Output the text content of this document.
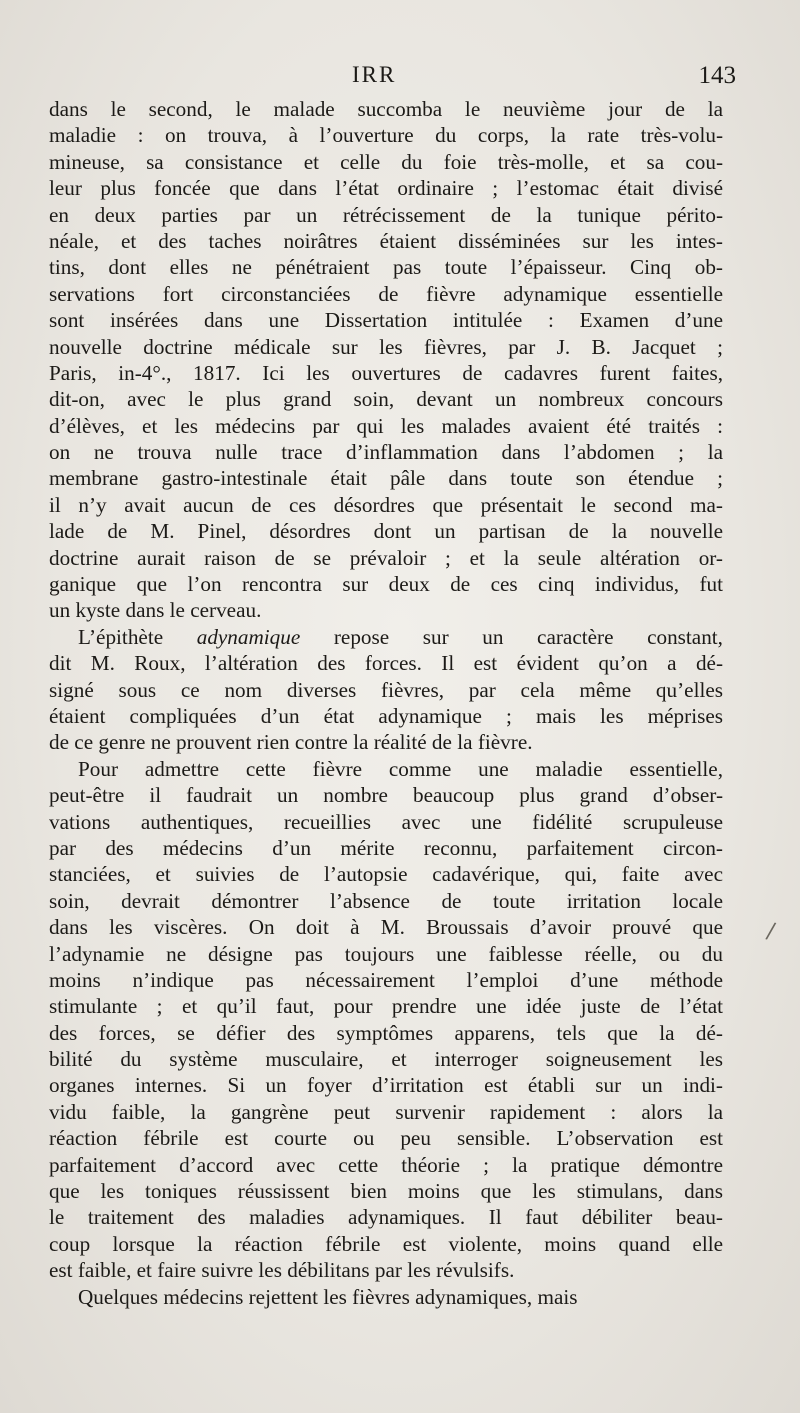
IRR	143

dans le second, le malade succomba le neuvième jour de la
maladie : on trouva, à l’ouverture du corps, la rate très-volu-
mineuse, sa consistance et celle du foie très-molle, et sa cou-
leur plus foncée que dans l’état ordinaire ; l’estomac était divisé
en deux parties par un rétrécissement de la tunique périto-
néale, et des taches noirâtres étaient disséminées sur les intes-
tins, dont elles ne pénétraient pas toute l’épaisseur. Cinq ob-
servations fort circonstanciées de fièvre adynamique essentielle
sont insérées dans une Dissertation intitulée : Examen d’une
nouvelle doctrine médicale sur les fièvres, par J. B. Jacquet ;
Paris, in-4°., 1817. Ici les ouvertures de cadavres furent faites,
dit-on, avec le plus grand soin, devant un nombreux concours
d’élèves, et les médecins par qui les malades avaient été traités :
on ne trouva nulle trace d’inflammation dans l’abdomen ; la
membrane gastro-intestinale était pâle dans toute son étendue ;
il n’y avait aucun de ces désordres que présentait le second ma-
lade de M. Pinel, désordres dont un partisan de la nouvelle
doctrine aurait raison de se prévaloir ; et la seule altération or-
ganique que l’on rencontra sur deux de ces cinq individus, fut
un kyste dans le cerveau.

L’épithète adynamique repose sur un caractère constant,
dit M. Roux, l’altération des forces. Il est évident qu’on a dé-
signé sous ce nom diverses fièvres, par cela même qu’elles
étaient compliquées d’un état adynamique ; mais les méprises
de ce genre ne prouvent rien contre la réalité de la fièvre.

Pour admettre cette fièvre comme une maladie essentielle,
peut-être il faudrait un nombre beaucoup plus grand d’obser-
vations authentiques, recueillies avec une fidélité scrupuleuse
par des médecins d’un mérite reconnu, parfaitement circon-
stanciées, et suivies de l’autopsie cadavérique, qui, faite avec
soin, devrait démontrer l’absence de toute irritation locale
dans les viscères. On doit à M. Broussais d’avoir prouvé que
l’adynamie ne désigne pas toujours une faiblesse réelle, ou du
moins n’indique pas nécessairement l’emploi d’une méthode
stimulante ; et qu’il faut, pour prendre une idée juste de l’état
des forces, se défier des symptômes apparens, tels que la dé-
bilité du système musculaire, et interroger soigneusement les
organes internes. Si un foyer d’irritation est établi sur un indi-
vidu faible, la gangrène peut survenir rapidement : alors la
réaction fébrile est courte ou peu sensible. L’observation est
parfaitement d’accord avec cette théorie ; la pratique démontre
que les toniques réussissent bien moins que les stimulans, dans
le traitement des maladies adynamiques. Il faut débiliter beau-
coup lorsque la réaction fébrile est violente, moins quand elle
est faible, et faire suivre les débilitans par les révulsifs.

Quelques médecins rejettent les fièvres adynamiques, mais

/
